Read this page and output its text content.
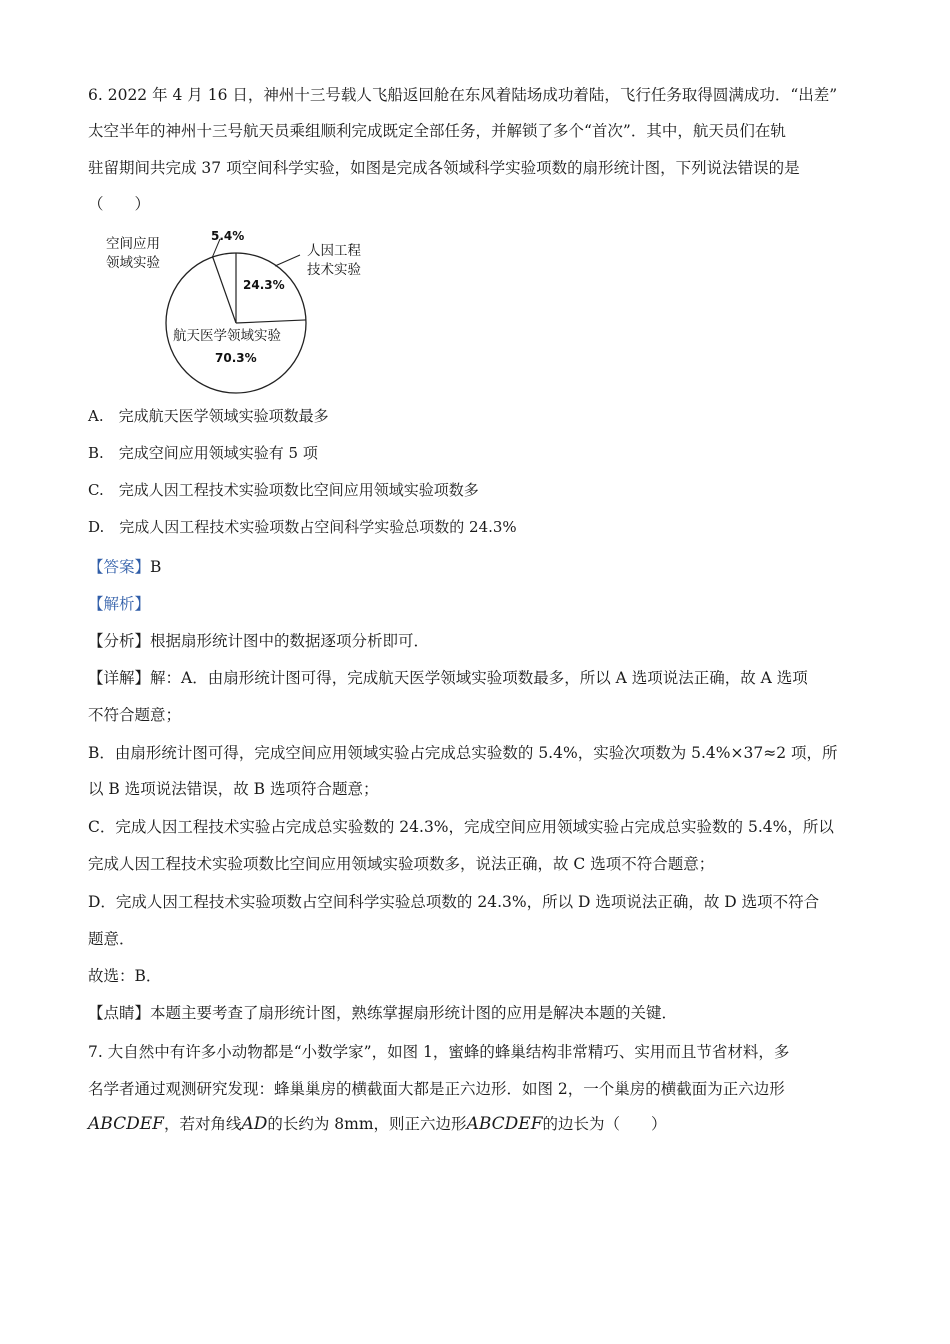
6. 2022 年 4 月 16 日，神州十三号载人飞船返回舱在东风着陆场成功着陆，飞行任务取得圆满成功．“出差”
太空半年的神州十三号航天员乘组顺利完成既定全部任务，并解锁了多个“首次”．其中，航天员们在轨
驻留期间共完成 37 项空间科学实验，如图是完成各领域科学实验项数的扇形统计图，下列说法错误的是
（　　）
空间应用
领域实验
5.4%
人因工程
技术实验
24.3%
航天医学领域实验
70.3%
A.　完成航天医学领域实验项数最多
B.　完成空间应用领域实验有 5 项
C.　完成人因工程技术实验项数比空间应用领域实验项数多
D.　完成人因工程技术实验项数占空间科学实验总项数的 24.3%
【答案】B
【解析】
【分析】根据扇形统计图中的数据逐项分析即可．
【详解】解：A．由扇形统计图可得，完成航天医学领域实验项数最多，所以 A 选项说法正确，故 A 选项
不符合题意；
B．由扇形统计图可得，完成空间应用领域实验占完成总实验数的 5.4%，实验次项数为 5.4%×37≈2 项，所
以 B 选项说法错误，故 B 选项符合题意；
C．完成人因工程技术实验占完成总实验数的 24.3%，完成空间应用领域实验占完成总实验数的 5.4%，所以
完成人因工程技术实验项数比空间应用领域实验项数多，说法正确，故 C 选项不符合题意；
D．完成人因工程技术实验项数占空间科学实验总项数的 24.3%，所以 D 选项说法正确，故 D 选项不符合
题意．
故选：B．
【点睛】本题主要考查了扇形统计图，熟练掌握扇形统计图的应用是解决本题的关键．
7. 大自然中有许多小动物都是“小数学家”，如图 1，蜜蜂的蜂巢结构非常精巧、实用而且节省材料，多
名学者通过观测研究发现：蜂巢巢房的横截面大都是正六边形．如图 2，一个巢房的横截面为正六边形
ABCDEF，若对角线AD的长约为 8mm，则正六边形ABCDEF的边长为（　　）
